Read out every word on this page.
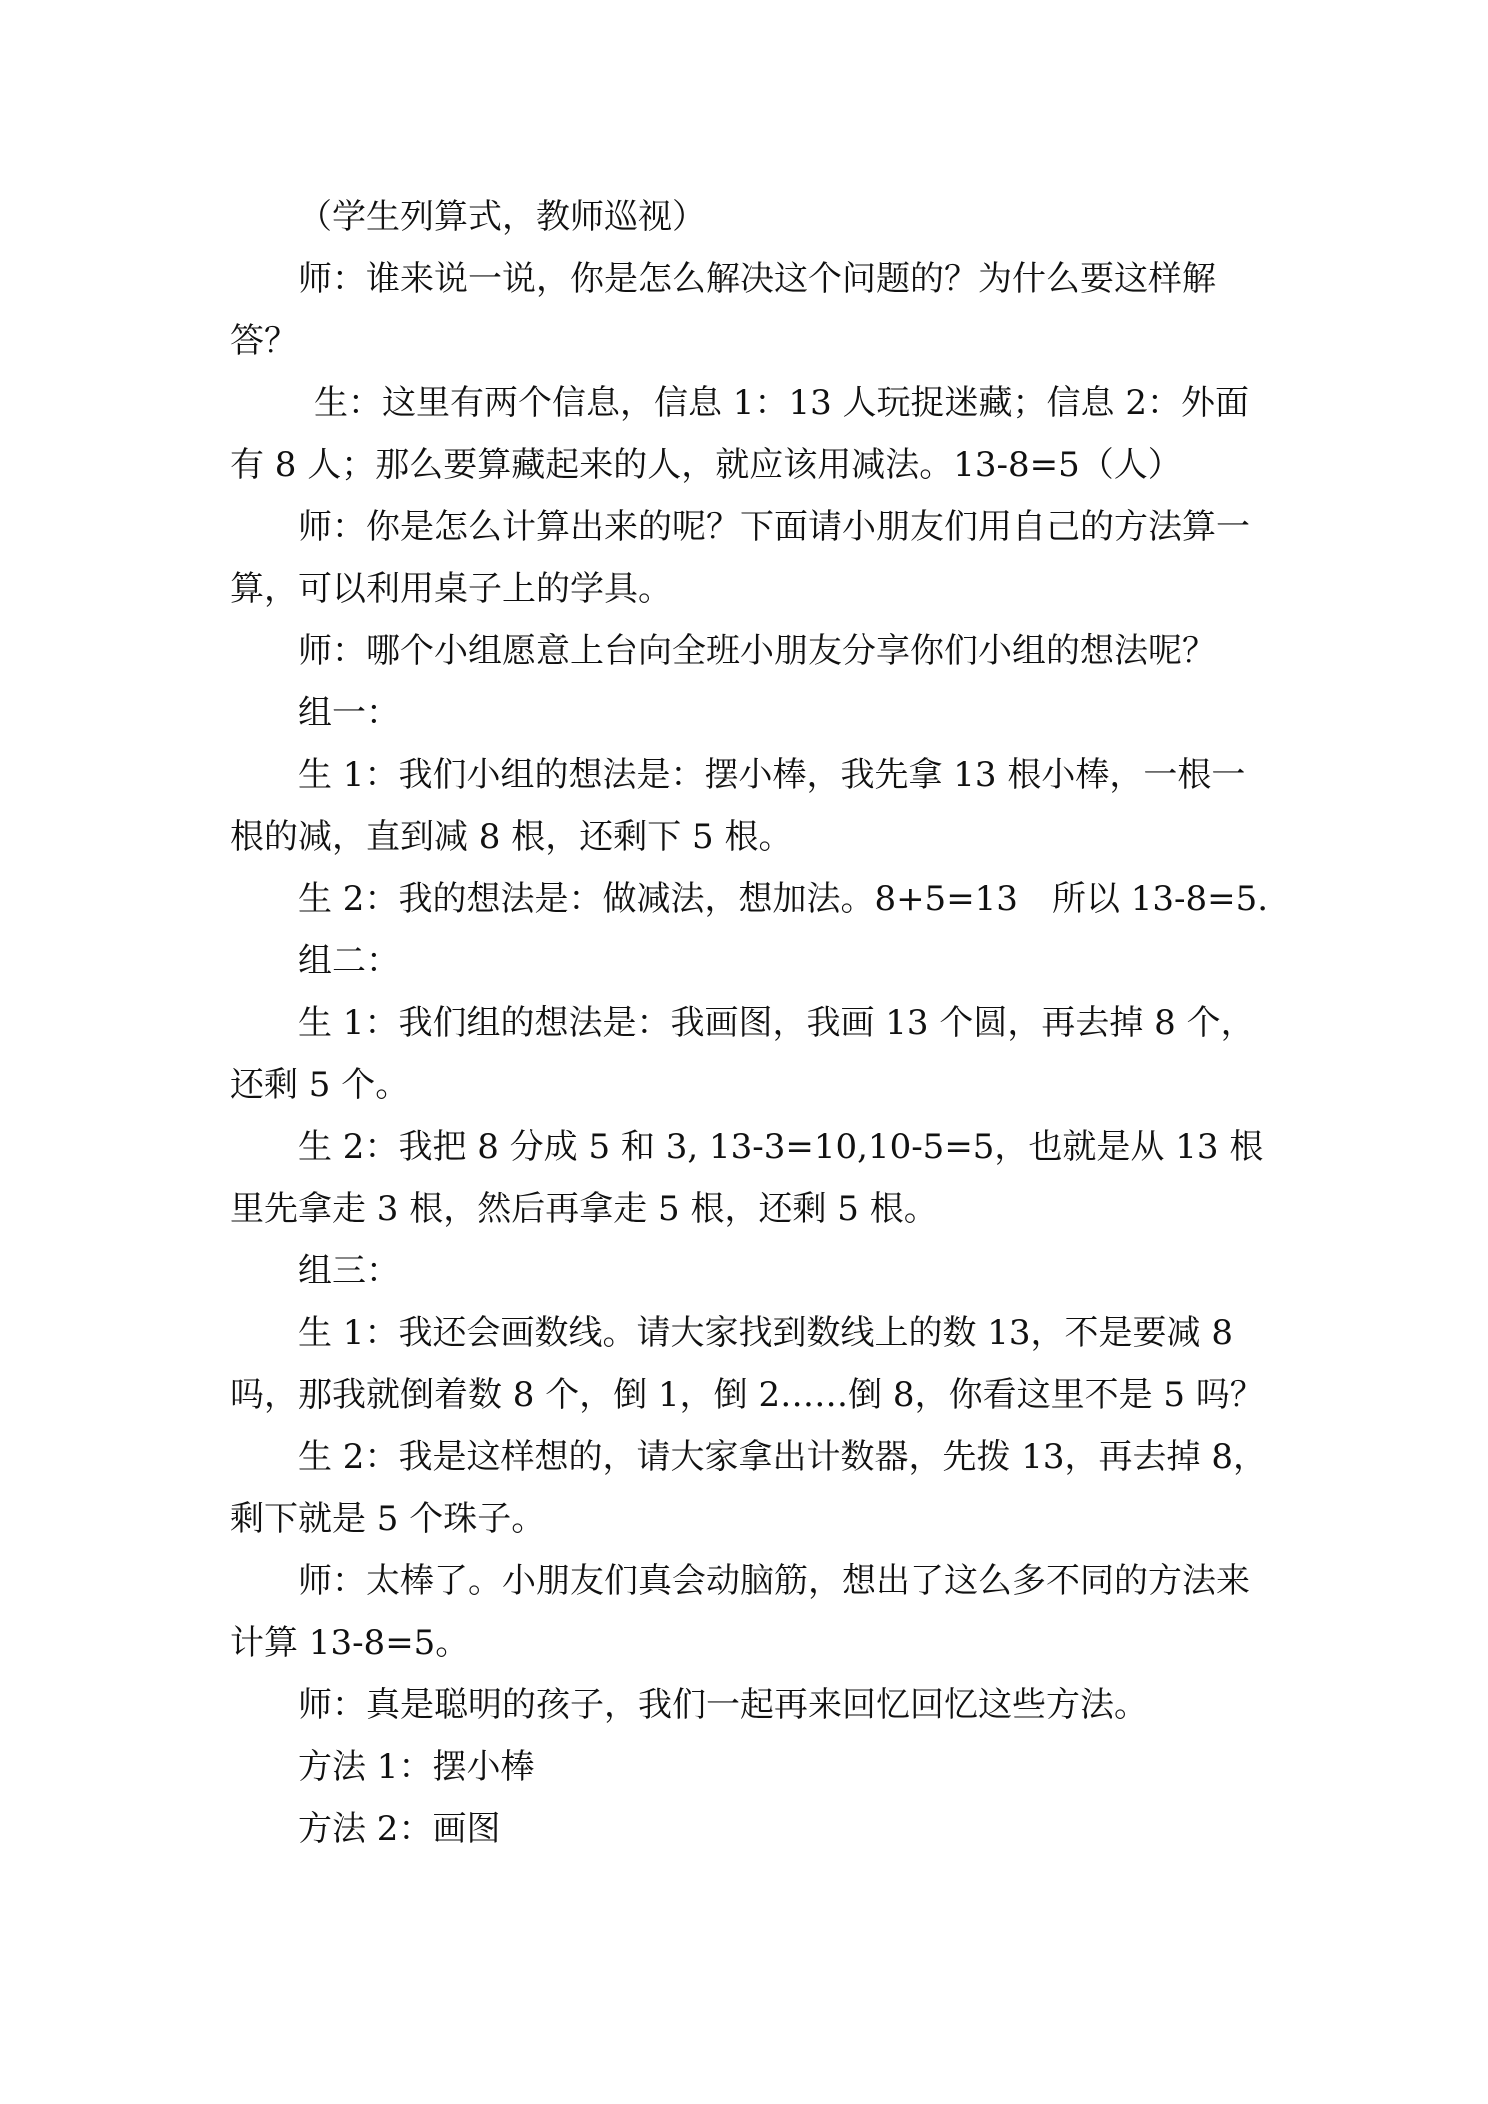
（学生列算式，教师巡视）

师：谁来说一说，你是怎么解决这个问题的？为什么要这样解答？

生：这里有两个信息，信息 1：13 人玩捉迷藏；信息 2：外面有 8 人；那么要算藏起来的人，就应该用减法。13-8=5（人）

师：你是怎么计算出来的呢？下面请小朋友们用自己的方法算一算，可以利用桌子上的学具。

师：哪个小组愿意上台向全班小朋友分享你们小组的想法呢？

组一：

生 1：我们小组的想法是：摆小棒，我先拿 13 根小棒，一根一根的减，直到减 8 根，还剩下 5 根。

生 2：我的想法是：做减法，想加法。8+5=13　所以 13-8=5.

组二：

生 1：我们组的想法是：我画图，我画 13 个圆，再去掉 8 个， 还剩 5 个。

生 2：我把 8 分成 5 和 3, 13-3=10,10-5=5，也就是从 13 根里先拿走 3 根，然后再拿走 5 根，还剩 5 根。

组三：

生 1：我还会画数线。请大家找到数线上的数 13，不是要减 8 吗，那我就倒着数 8 个，倒 1，倒 2……倒 8，你看这里不是 5 吗？

生 2：我是这样想的，请大家拿出计数器，先拨 13，再去掉 8，剩下就是 5 个珠子。

师：太棒了。小朋友们真会动脑筋，想出了这么多不同的方法来计算 13-8=5。

师：真是聪明的孩子，我们一起再来回忆回忆这些方法。

方法 1：摆小棒

方法 2：画图
